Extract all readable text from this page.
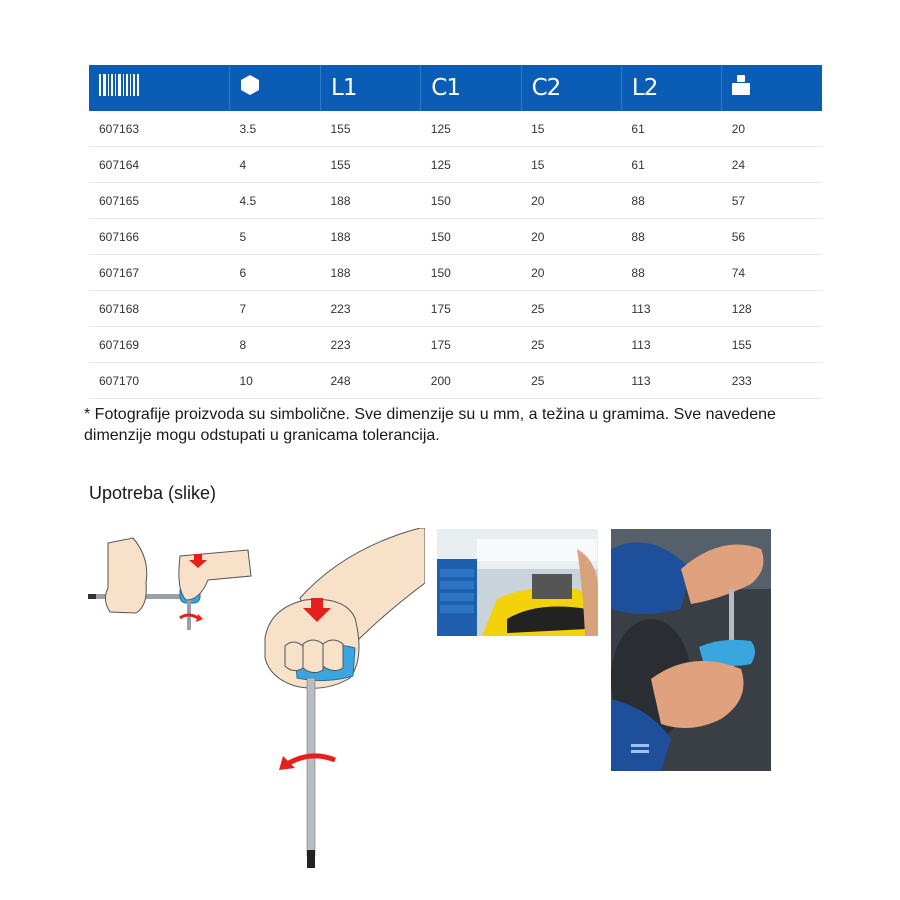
		L1	C1	C2	L2	
607163	3.5	155	125	15	61	20
607164	4	155	125	15	61	24
607165	4.5	188	150	20	88	57
607166	5	188	150	20	88	56
607167	6	188	150	20	88	74
607168	7	223	175	25	113	128
607169	8	223	175	25	113	155
607170	10	248	200	25	113	233
* Fotografije proizvoda su simbolične. Sve dimenzije su u mm, a težina u gramima. Sve navedene dimenzije mogu odstupati u granicama tolerancija.
Upotreba (slike)
